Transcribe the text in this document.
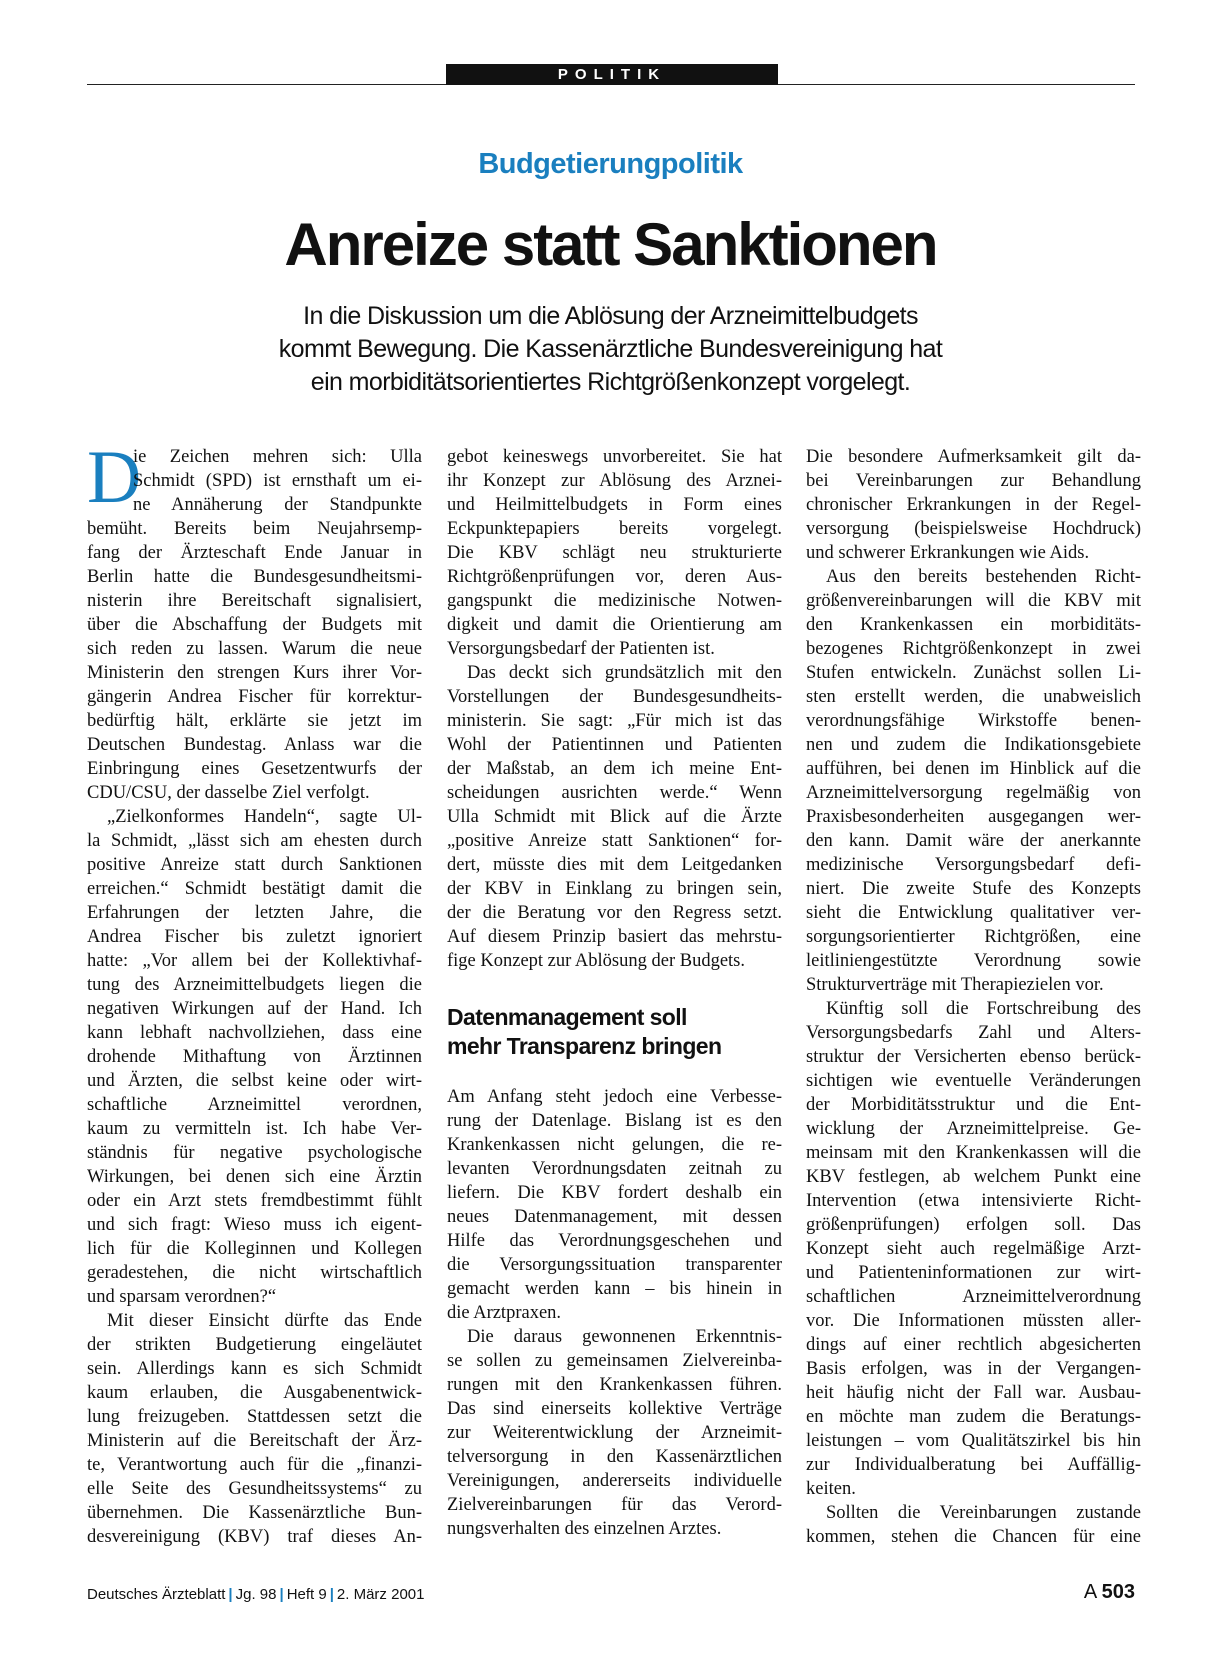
POLITIK
Budgetierungpolitik
Anreize statt Sanktionen
In die Diskussion um die Ablösung der Arzneimittelbudgets
kommt Bewegung. Die Kassenärztliche Bundesvereinigung hat
ein morbiditätsorientiertes Richtgrößenkonzept vorgelegt.
D
ie Zeichen mehren sich: Ulla
Schmidt (SPD) ist ernsthaft um ei-
ne Annäherung der Standpunkte
bemüht. Bereits beim Neujahrsemp-
fang der Ärzteschaft Ende Januar in
Berlin hatte die Bundesgesundheitsmi-
nisterin ihre Bereitschaft signalisiert,
über die Abschaffung der Budgets mit
sich reden zu lassen. Warum die neue
Ministerin den strengen Kurs ihrer Vor-
gängerin Andrea Fischer für korrektur-
bedürftig hält, erklärte sie jetzt im
Deutschen Bundestag. Anlass war die
Einbringung eines Gesetzentwurfs der
CDU/CSU, der dasselbe Ziel verfolgt.
„Zielkonformes Handeln“, sagte Ul-
la Schmidt, „lässt sich am ehesten durch
positive Anreize statt durch Sanktionen
erreichen.“ Schmidt bestätigt damit die
Erfahrungen der letzten Jahre, die
Andrea Fischer bis zuletzt ignoriert
hatte: „Vor allem bei der Kollektivhaf-
tung des Arzneimittelbudgets liegen die
negativen Wirkungen auf der Hand. Ich
kann lebhaft nachvollziehen, dass eine
drohende Mithaftung von Ärztinnen
und Ärzten, die selbst keine oder wirt-
schaftliche Arzneimittel verordnen,
kaum zu vermitteln ist. Ich habe Ver-
ständnis für negative psychologische
Wirkungen, bei denen sich eine Ärztin
oder ein Arzt stets fremdbestimmt fühlt
und sich fragt: Wieso muss ich eigent-
lich für die Kolleginnen und Kollegen
geradestehen, die nicht wirtschaftlich
und sparsam verordnen?“
Mit dieser Einsicht dürfte das Ende
der strikten Budgetierung eingeläutet
sein. Allerdings kann es sich Schmidt
kaum erlauben, die Ausgabenentwick-
lung freizugeben. Stattdessen setzt die
Ministerin auf die Bereitschaft der Ärz-
te, Verantwortung auch für die „finanzi-
elle Seite des Gesundheitssystems“ zu
übernehmen. Die Kassenärztliche Bun-
desvereinigung (KBV) traf dieses An-
gebot keineswegs unvorbereitet. Sie hat
ihr Konzept zur Ablösung des Arznei-
und Heilmittelbudgets in Form eines
Eckpunktepapiers bereits vorgelegt.
Die KBV schlägt neu strukturierte
Richtgrößenprüfungen vor, deren Aus-
gangspunkt die medizinische Notwen-
digkeit und damit die Orientierung am
Versorgungsbedarf der Patienten ist.
Das deckt sich grundsätzlich mit den
Vorstellungen der Bundesgesundheits-
ministerin. Sie sagt: „Für mich ist das
Wohl der Patientinnen und Patienten
der Maßstab, an dem ich meine Ent-
scheidungen ausrichten werde.“ Wenn
Ulla Schmidt mit Blick auf die Ärzte
„positive Anreize statt Sanktionen“ for-
dert, müsste dies mit dem Leitgedanken
der KBV in Einklang zu bringen sein,
der die Beratung vor den Regress setzt.
Auf diesem Prinzip basiert das mehrstu-
fige Konzept zur Ablösung der Budgets.
Datenmanagement soll
mehr Transparenz bringen
Am Anfang steht jedoch eine Verbesse-
rung der Datenlage. Bislang ist es den
Krankenkassen nicht gelungen, die re-
levanten Verordnungsdaten zeitnah zu
liefern. Die KBV fordert deshalb ein
neues Datenmanagement, mit dessen
Hilfe das Verordnungsgeschehen und
die Versorgungssituation transparenter
gemacht werden kann – bis hinein in
die Arztpraxen.
Die daraus gewonnenen Erkenntnis-
se sollen zu gemeinsamen Zielvereinba-
rungen mit den Krankenkassen führen.
Das sind einerseits kollektive Verträge
zur Weiterentwicklung der Arzneimit-
telversorgung in den Kassenärztlichen
Vereinigungen, andererseits individuelle
Zielvereinbarungen für das Verord-
nungsverhalten des einzelnen Arztes.
Die besondere Aufmerksamkeit gilt da-
bei Vereinbarungen zur Behandlung
chronischer Erkrankungen in der Regel-
versorgung (beispielsweise Hochdruck)
und schwerer Erkrankungen wie Aids.
Aus den bereits bestehenden Richt-
größenvereinbarungen will die KBV mit
den Krankenkassen ein morbiditäts-
bezogenes Richtgrößenkonzept in zwei
Stufen entwickeln. Zunächst sollen Li-
sten erstellt werden, die unabweislich
verordnungsfähige Wirkstoffe benen-
nen und zudem die Indikationsgebiete
aufführen, bei denen im Hinblick auf die
Arzneimittelversorgung regelmäßig von
Praxisbesonderheiten ausgegangen wer-
den kann. Damit wäre der anerkannte
medizinische Versorgungsbedarf defi-
niert. Die zweite Stufe des Konzepts
sieht die Entwicklung qualitativer ver-
sorgungsorientierter Richtgrößen, eine
leitliniengestützte Verordnung sowie
Strukturverträge mit Therapiezielen vor.
Künftig soll die Fortschreibung des
Versorgungsbedarfs Zahl und Alters-
struktur der Versicherten ebenso berück-
sichtigen wie eventuelle Veränderungen
der Morbiditätsstruktur und die Ent-
wicklung der Arzneimittelpreise. Ge-
meinsam mit den Krankenkassen will die
KBV festlegen, ab welchem Punkt eine
Intervention (etwa intensivierte Richt-
größenprüfungen) erfolgen soll. Das
Konzept sieht auch regelmäßige Arzt-
und Patienteninformationen zur wirt-
schaftlichen Arzneimittelverordnung
vor. Die Informationen müssten aller-
dings auf einer rechtlich abgesicherten
Basis erfolgen, was in der Vergangen-
heit häufig nicht der Fall war. Ausbau-
en möchte man zudem die Beratungs-
leistungen – vom Qualitätszirkel bis hin
zur Individualberatung bei Auffällig-
keiten.
Sollten die Vereinbarungen zustande
kommen, stehen die Chancen für eine
Deutsches Ärzteblatt | Jg. 98 | Heft 9 | 2. März 2001	A 503
